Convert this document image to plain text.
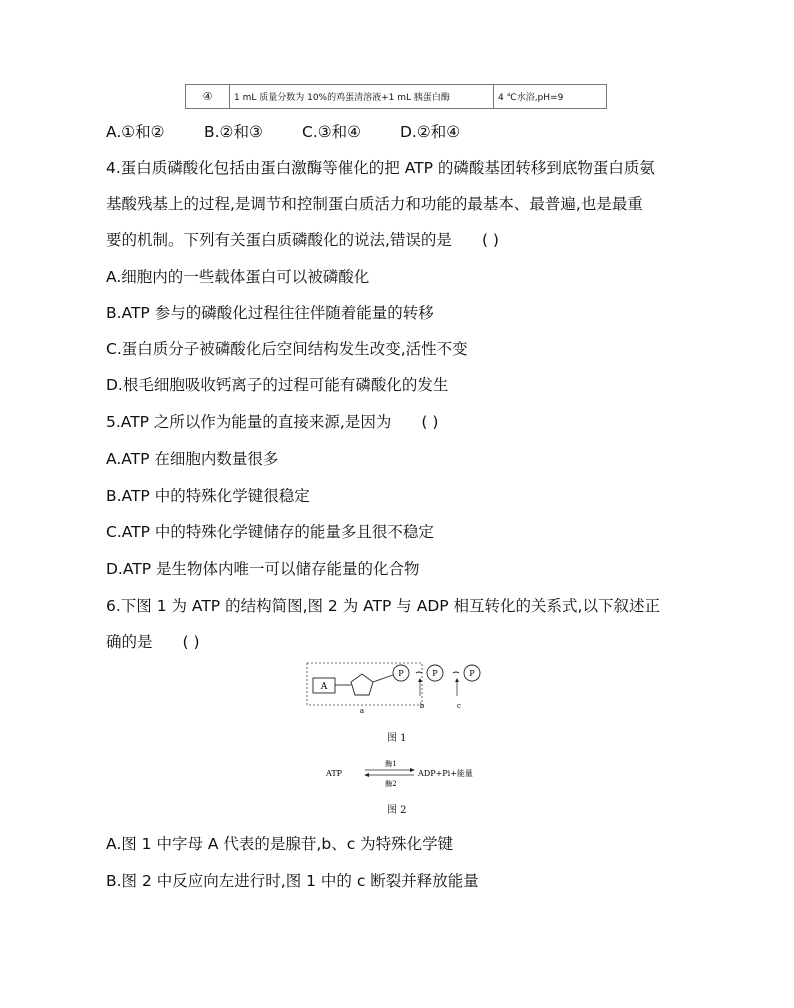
④	1 mL 质量分数为 10%的鸡蛋清溶液+1 mL 胰蛋白酶	4 ℃水浴,pH=9
A.①和②	B.②和③	C.③和④	D.②和④
4.蛋白质磷酸化包括由蛋白激酶等催化的把 ATP 的磷酸基团转移到底物蛋白质氨
基酸残基上的过程,是调节和控制蛋白质活力和功能的最基本、最普遍,也是最重
要的机制。下列有关蛋白质磷酸化的说法,错误的是 ( )
A.细胞内的一些载体蛋白可以被磷酸化
B.ATP 参与的磷酸化过程往往伴随着能量的转移
C.蛋白质分子被磷酸化后空间结构发生改变,活性不变
D.根毛细胞吸收钙离子的过程可能有磷酸化的发生
5.ATP 之所以作为能量的直接来源,是因为 ( )
A.ATP 在细胞内数量很多
B.ATP 中的特殊化学键很稳定
C.ATP 中的特殊化学键储存的能量多且很不稳定
D.ATP 是生物体内唯一可以储存能量的化合物
6.下图 1 为 ATP 的结构简图,图 2 为 ATP 与 ADP 相互转化的关系式,以下叙述正
确的是 ( )
A
P	P	P
b	c
a
图 1
ATP
酶1
酶2
ADP+Pi+能量
图 2
A.图 1 中字母 A 代表的是腺苷,b、c 为特殊化学键
B.图 2 中反应向左进行时,图 1 中的 c 断裂并释放能量
